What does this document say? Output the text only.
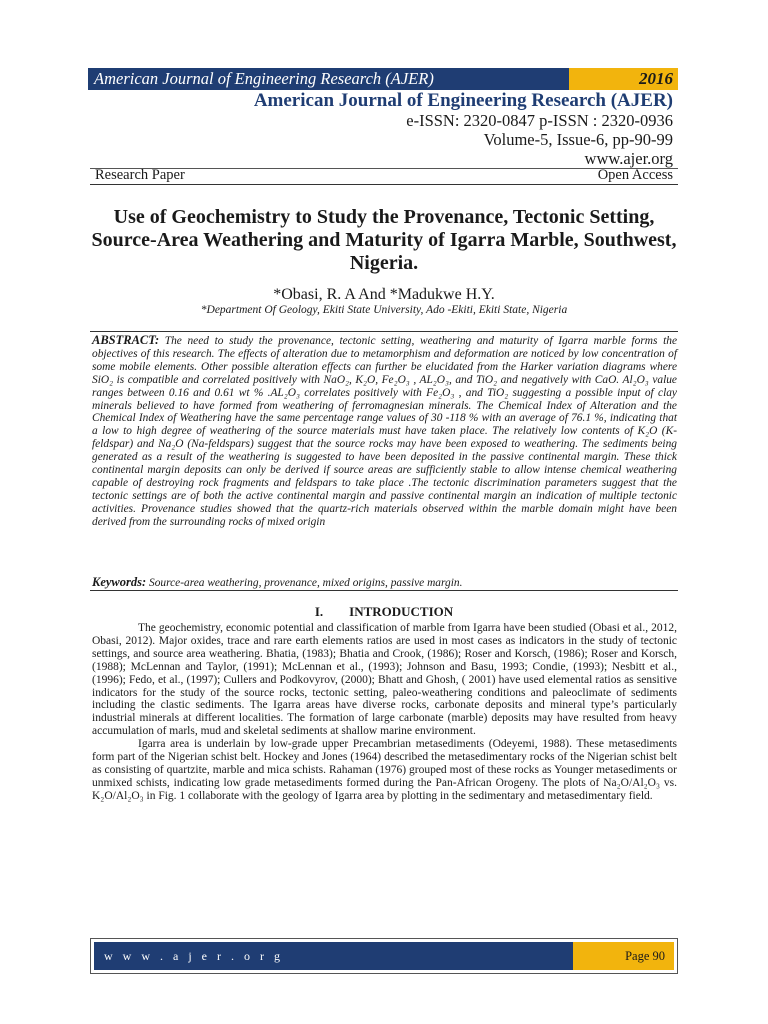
American Journal of Engineering Research (AJER)	2016
American Journal of Engineering Research (AJER)
e-ISSN: 2320-0847 p-ISSN : 2320-0936
Volume-5, Issue-6, pp-90-99
www.ajer.org
Research Paper	Open Access
Use of Geochemistry to Study the Provenance, Tectonic Setting, Source-Area Weathering and Maturity of Igarra Marble, Southwest, Nigeria.
*Obasi, R. A And *Madukwe H.Y.
*Department Of Geology, Ekiti State University, Ado -Ekiti, Ekiti State, Nigeria
ABSTRACT: The need to study the provenance, tectonic setting, weathering and maturity of Igarra marble forms the objectives of this research. The effects of alteration due to metamorphism and deformation are noticed by low concentration of some mobile elements. Other possible alteration effects can further be elucidated from the Harker variation diagrams where SiO₂ is compatible and correlated positively with NaO₂, K₂O, Fe₂O₃ , AL₂O₃, and TiO₂ and negatively with CaO. Al₂O₃ value ranges between 0.16 and 0.61 wt % .AL₂O₃ correlates positively with Fe₂O₃ , and TiO₂ suggesting a possible input of clay minerals believed to have formed from weathering of ferromagnesian minerals. The Chemical Index of Alteration and the Chemical Index of Weathering have the same percentage range values of 30 -118 % with an average of 76.1 %, indicating that a low to high degree of weathering of the source materials must have taken place. The relatively low contents of K₂O (K-feldspar) and Na₂O (Na-feldspars) suggest that the source rocks may have been exposed to weathering. The sediments being generated as a result of the weathering is suggested to have been deposited in the passive continental margin. These thick continental margin deposits can only be derived if source areas are sufficiently stable to allow intense chemical weathering capable of destroying rock fragments and feldspars to take place .The tectonic discrimination parameters suggest that the tectonic settings are of both the active continental margin and passive continental margin an indication of multiple tectonic activities. Provenance studies showed that the quartz-rich materials observed within the marble domain might have been derived from the surrounding rocks of mixed origin
Keywords: Source-area weathering, provenance, mixed origins, passive margin.
I. INTRODUCTION

The geochemistry, economic potential and classification of marble from Igarra have been studied (Obasi et al., 2012, Obasi, 2012). Major oxides, trace and rare earth elements ratios are used in most cases as indicators in the study of tectonic settings, and source area weathering. Bhatia, (1983); Bhatia and Crook, (1986); Roser and Korsch, (1986); Roser and Korsch, (1988); McLennan and Taylor, (1991); McLennan et al., (1993); Johnson and Basu, 1993; Condie, (1993); Nesbitt et al., (1996); Fedo, et al., (1997); Cullers and Podkovyrov, (2000); Bhatt and Ghosh, ( 2001) have used elemental ratios as sensitive indicators for the study of the source rocks, tectonic setting, paleo-weathering conditions and paleoclimate of sediments including the clastic sediments. The Igarra areas have diverse rocks, carbonate deposits and mineral type’s particularly industrial minerals at different localities. The formation of large carbonate (marble) deposits may have resulted from heavy accumulation of marls, mud and skeletal sediments at shallow marine environment.

Igarra area is underlain by low-grade upper Precambrian metasediments (Odeyemi, 1988). These metasediments form part of the Nigerian schist belt. Hockey and Jones (1964) described the metasedimentary rocks of the Nigerian schist belt as consisting of quartzite, marble and mica schists. Rahaman (1976) grouped most of these rocks as Younger metasediments or unmixed schists, indicating low grade metasediments formed during the Pan-African Orogeny. The plots of Na₂O/Al₂O₃ vs. K₂O/Al₂O₃ in Fig. 1 collaborate with the geology of Igarra area by plotting in the sedimentary and metasedimentary field.

w w w . a j e r . o r g	Page 90
